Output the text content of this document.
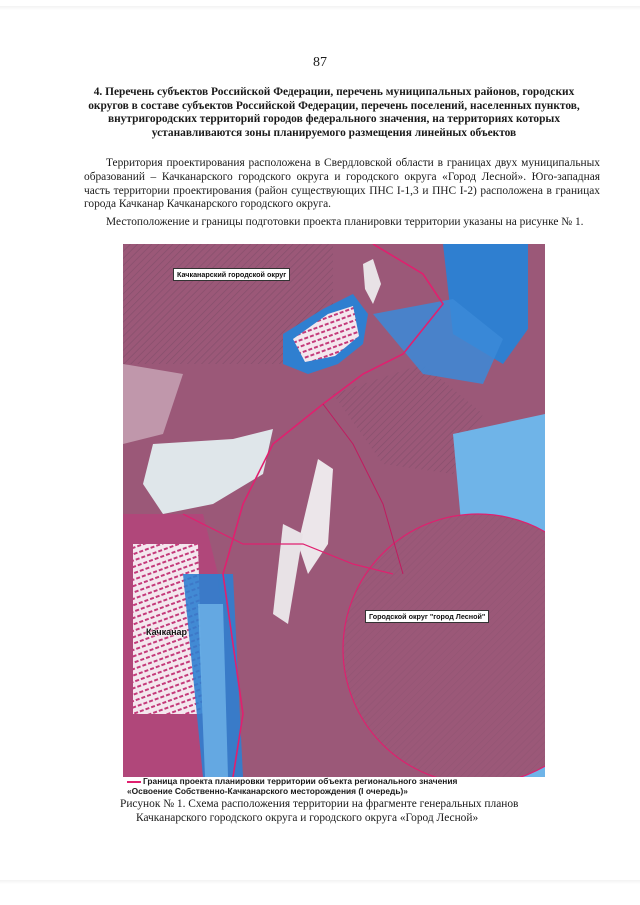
87
4. Перечень субъектов Российской Федерации, перечень муниципальных районов, городских округов в составе субъектов Российской Федерации, перечень поселений, населенных пунктов, внутригородских территорий городов федерального значения, на территориях которых устанавливаются зоны планируемого размещения линейных объектов
Территория проектирования расположена в Свердловской области в границах двух муниципальных образований – Качканарского городского округа и городского округа «Город Лесной». Юго-западная часть территории проектирования (район существующих ПНС I-1,3 и ПНС I-2) расположена в границах города Качканар Качканарского городского округа.
Местоположение и границы подготовки проекта планировки территории указаны на рисунке № 1.
Качканарский городской округ
Городской округ "город Лесной"
Качканар
Граница проекта планировки территории объекта регионального значения
«Освоение Собственно-Качканарского месторождения (I очередь)»
Рисунок № 1. Схема расположения территории на фрагменте генеральных планов
Качканарского городского округа и городского округа «Город Лесной»
